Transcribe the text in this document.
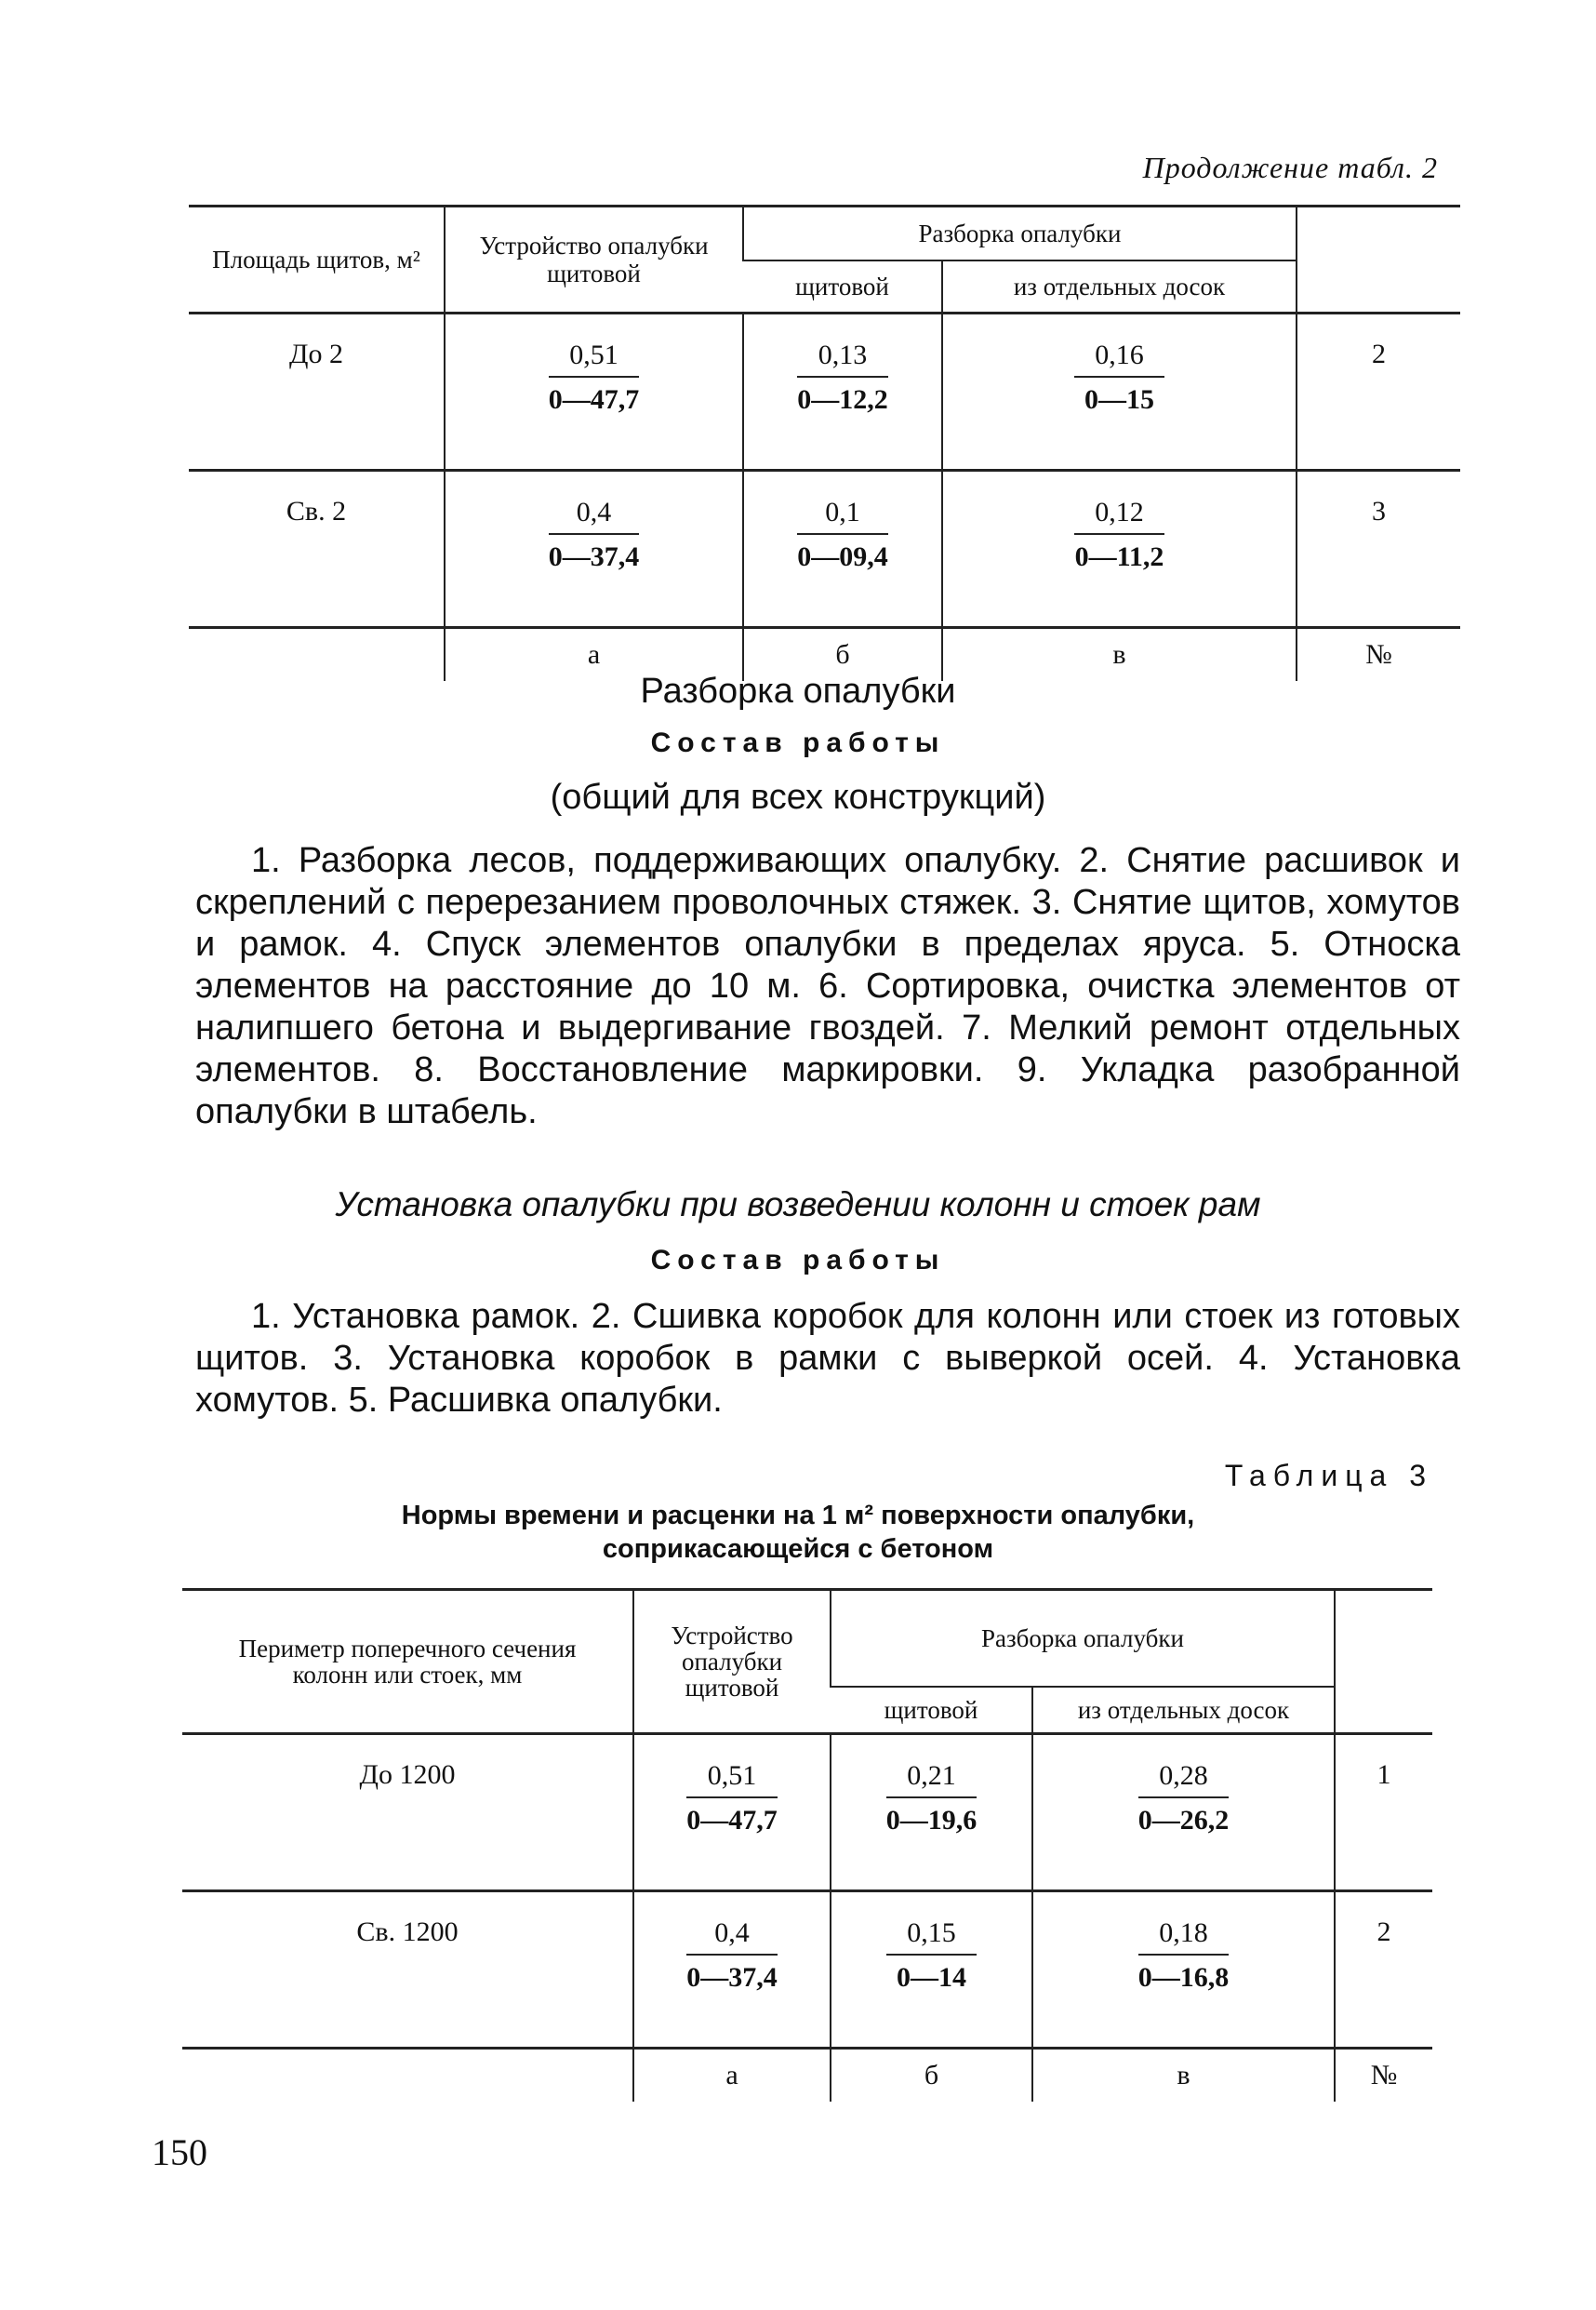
Продолжение табл. 2
Площадь щитов, м²	Устройство опалубки щитовой	Разборка опалубки		
		щитовой	из отдельных досок	
До 2	$\frac{0,51}{0—47,7}$	$\frac{0,13}{0—12,2}$	$\frac{0,16}{0—15}$	2
Св. 2	$\frac{0,4}{0—37,4}$	$\frac{0,1}{0—09,4}$	$\frac{0,12}{0—11,2}$	3
	а	б	в	№
Разборка опалубки
Состав работы
(общий для всех конструкций)
1. Разборка лесов, поддерживающих опалубку. 2. Снятие расшивок и скреплений с перерезанием проволочных стяжек. 3. Снятие щитов, хомутов и рамок. 4. Спуск элементов опалубки в пределах яруса. 5. Относка элементов на расстояние до 10 м. 6. Сортировка, очистка элементов от налипшего бетона и выдергивание гвоздей. 7. Мелкий ремонт отдельных элементов. 8. Восстановление маркировки. 9. Укладка разобранной опалубки в штабель.
Установка опалубки при возведении колонн и стоек рам
Состав работы
1. Установка рамок. 2. Сшивка коробок для колонн или стоек из готовых щитов. 3. Установка коробок в рамки с выверкой осей. 4. Установка хомутов. 5. Расшивка опалубки.
Таблица 3
Нормы времени и расценки на 1 м² поверхности опалубки,
соприкасающейся с бетоном
Периметр поперечного сечения колонн или стоек, мм	Устройство опалубки щитовой	Разборка опалубки		
		щитовой	из отдельных досок	
До 1200	$\frac{0,51}{0—47,7}$	$\frac{0,21}{0—19,6}$	$\frac{0,28}{0—26,2}$	1
Св. 1200	$\frac{0,4}{0—37,4}$	$\frac{0,15}{0—14}$	$\frac{0,18}{0—16,8}$	2
	а	б	в	№
150
